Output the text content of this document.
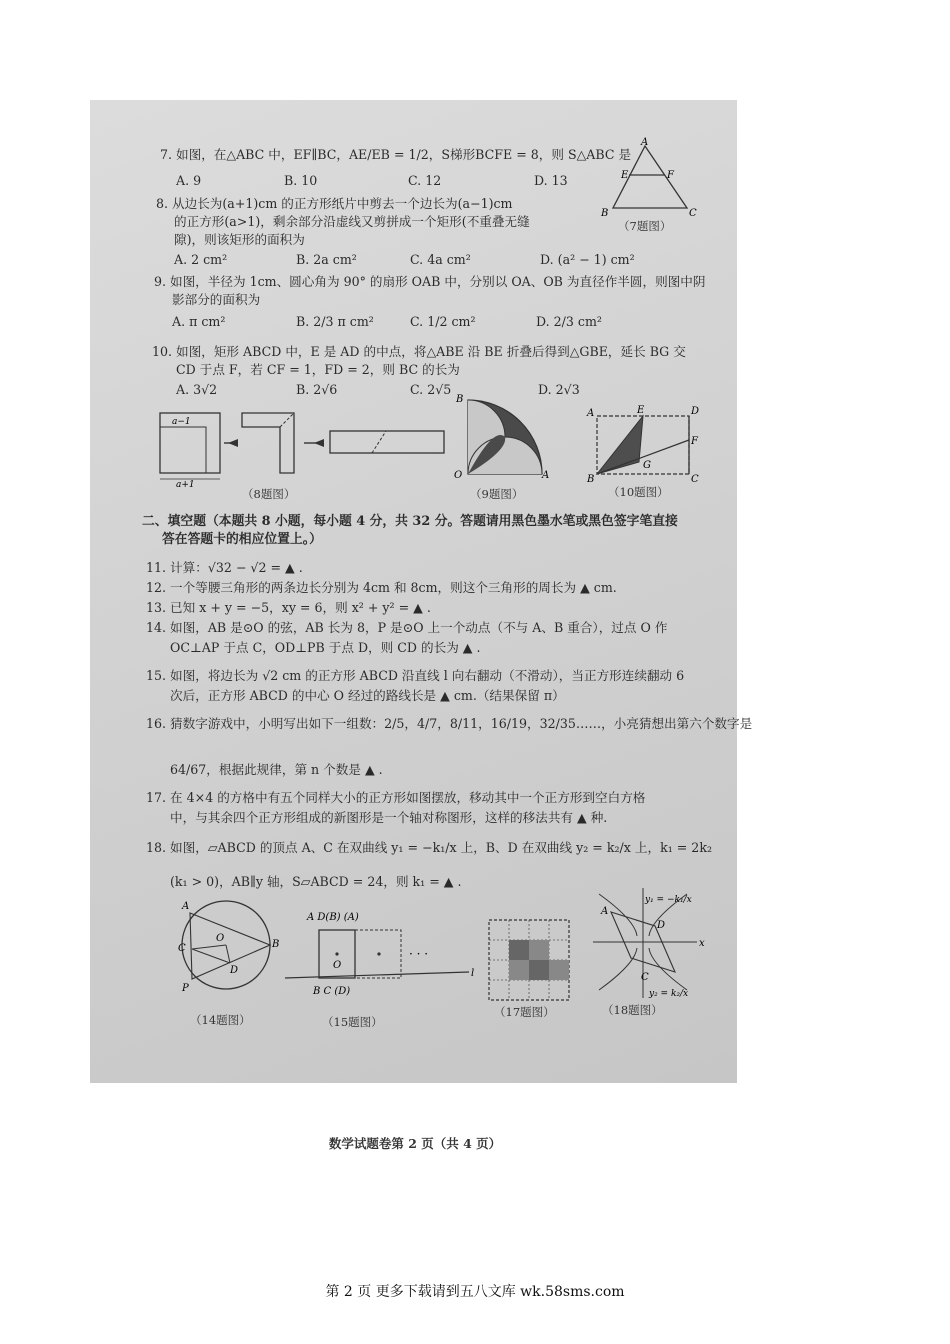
7. 如图，在△ABC 中，EF∥BC，AE/EB = 1/2，S梯形BCFE = 8，则 S△ABC 是
A. 9	B. 10	C. 12	D. 13
A
E	F
B	C
（7题图）
8. 从边长为(a+1)cm 的正方形纸片中剪去一个边长为(a−1)cm
的正方形(a>1)，剩余部分沿虚线又剪拼成一个矩形(不重叠无缝
隙)，则该矩形的面积为
A. 2 cm²	B. 2a cm²	C. 4a cm²	D. (a² − 1) cm²
9. 如图，半径为 1cm、圆心角为 90° 的扇形 OAB 中，分别以 OA、OB 为直径作半圆，则图中阴
影部分的面积为
A. π cm²	B. 2/3 π cm²	C. 1/2 cm²	D. 2/3 cm²
10. 如图，矩形 ABCD 中，E 是 AD 的中点，将△ABE 沿 BE 折叠后得到△GBE，延长 BG 交
CD 于点 F，若 CF = 1，FD = 2，则 BC 的长为
A. 3√2	B. 2√6	C. 2√5	D. 2√3
a−1
a+1
（8题图）
B
O	A
（9题图）
A	E	D
F
G
B	C
（10题图）
二、填空题（本题共 8 小题，每小题 4 分，共 32 分。答题请用黑色墨水笔或黑色签字笔直接
答在答题卡的相应位置上。）
11. 计算：√32 − √2 = ▲ .
12. 一个等腰三角形的两条边长分别为 4cm 和 8cm，则这个三角形的周长为 ▲ cm.
13. 已知 x + y = −5，xy = 6，则 x² + y² = ▲ .
14. 如图，AB 是⊙O 的弦，AB 长为 8，P 是⊙O 上一个动点（不与 A、B 重合），过点 O 作
OC⊥AP 于点 C，OD⊥PB 于点 D，则 CD 的长为 ▲ .
15. 如图，将边长为 √2 cm 的正方形 ABCD 沿直线 l 向右翻动（不滑动），当正方形连续翻动 6
次后，正方形 ABCD 的中心 O 经过的路线长是 ▲ cm.（结果保留 π）
16. 猜数字游戏中，小明写出如下一组数：2/5，4/7，8/11，16/19，32/35……，小亮猜想出第六个数字是
64/67，根据此规律，第 n 个数是 ▲ .
17. 在 4×4 的方格中有五个同样大小的正方形如图摆放，移动其中一个正方形到空白方格
中，与其余四个正方形组成的新图形是一个轴对称图形，这样的移法共有 ▲ 种.
18. 如图，▱ABCD 的顶点 A、C 在双曲线 y₁ = −k₁/x 上，B、D 在双曲线 y₂ = k₂/x 上，k₁ = 2k₂
(k₁ > 0)，AB∥y 轴，S▱ABCD = 24，则 k₁ = ▲ .
A
B
C
D
O
P
（14题图）
A D(B) (A)
O
· · ·
l
B C (D)
（15题图）
（17题图）
A
D
C
x
y₁ = −k₁/x
y₂ = k₂/x
（18题图）
数学试题卷第 2 页（共 4 页）
第 2 页 更多下载请到五八文库 wk.58sms.com
